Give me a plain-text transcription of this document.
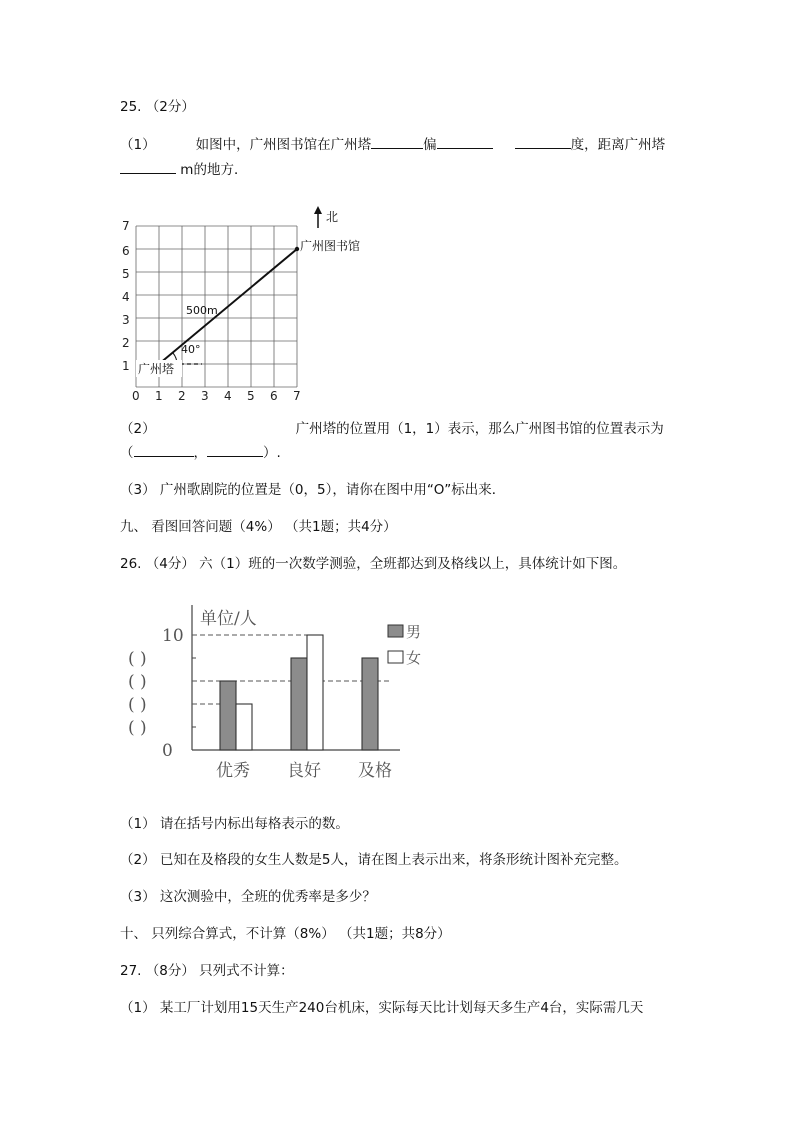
25. （2分）
（1）	如图中，广州图书馆在广州塔	偏	度，距离广州塔
m的地方．
0 1 2 3 4 5 6 7
1
2
3
4
5
6
7
北
40°
500m
广州塔
广州图书馆
（2）	广州塔的位置用（1，1）表示，那么广州图书馆的位置表示为
（	，	）.
（3） 广州歌剧院的位置是（0，5），请你在图中用“O”标出来．
九、 看图回答问题（4%） （共1题；共4分）
26. （4分） 六（1）班的一次数学测验，全班都达到及格线以上，具体统计如下图。
单位/人
0
( )
( )
( )
( )
10
优秀 良好 及格
男
女
（1） 请在括号内标出每格表示的数。
（2） 已知在及格段的女生人数是5人，请在图上表示出来，将条形统计图补充完整。
（3） 这次测验中，全班的优秀率是多少？
十、 只列综合算式，不计算（8%） （共1题；共8分）
27. （8分） 只列式不计算：
（1） 某工厂计划用15天生产240台机床，实际每天比计划每天多生产4台，实际需几天
